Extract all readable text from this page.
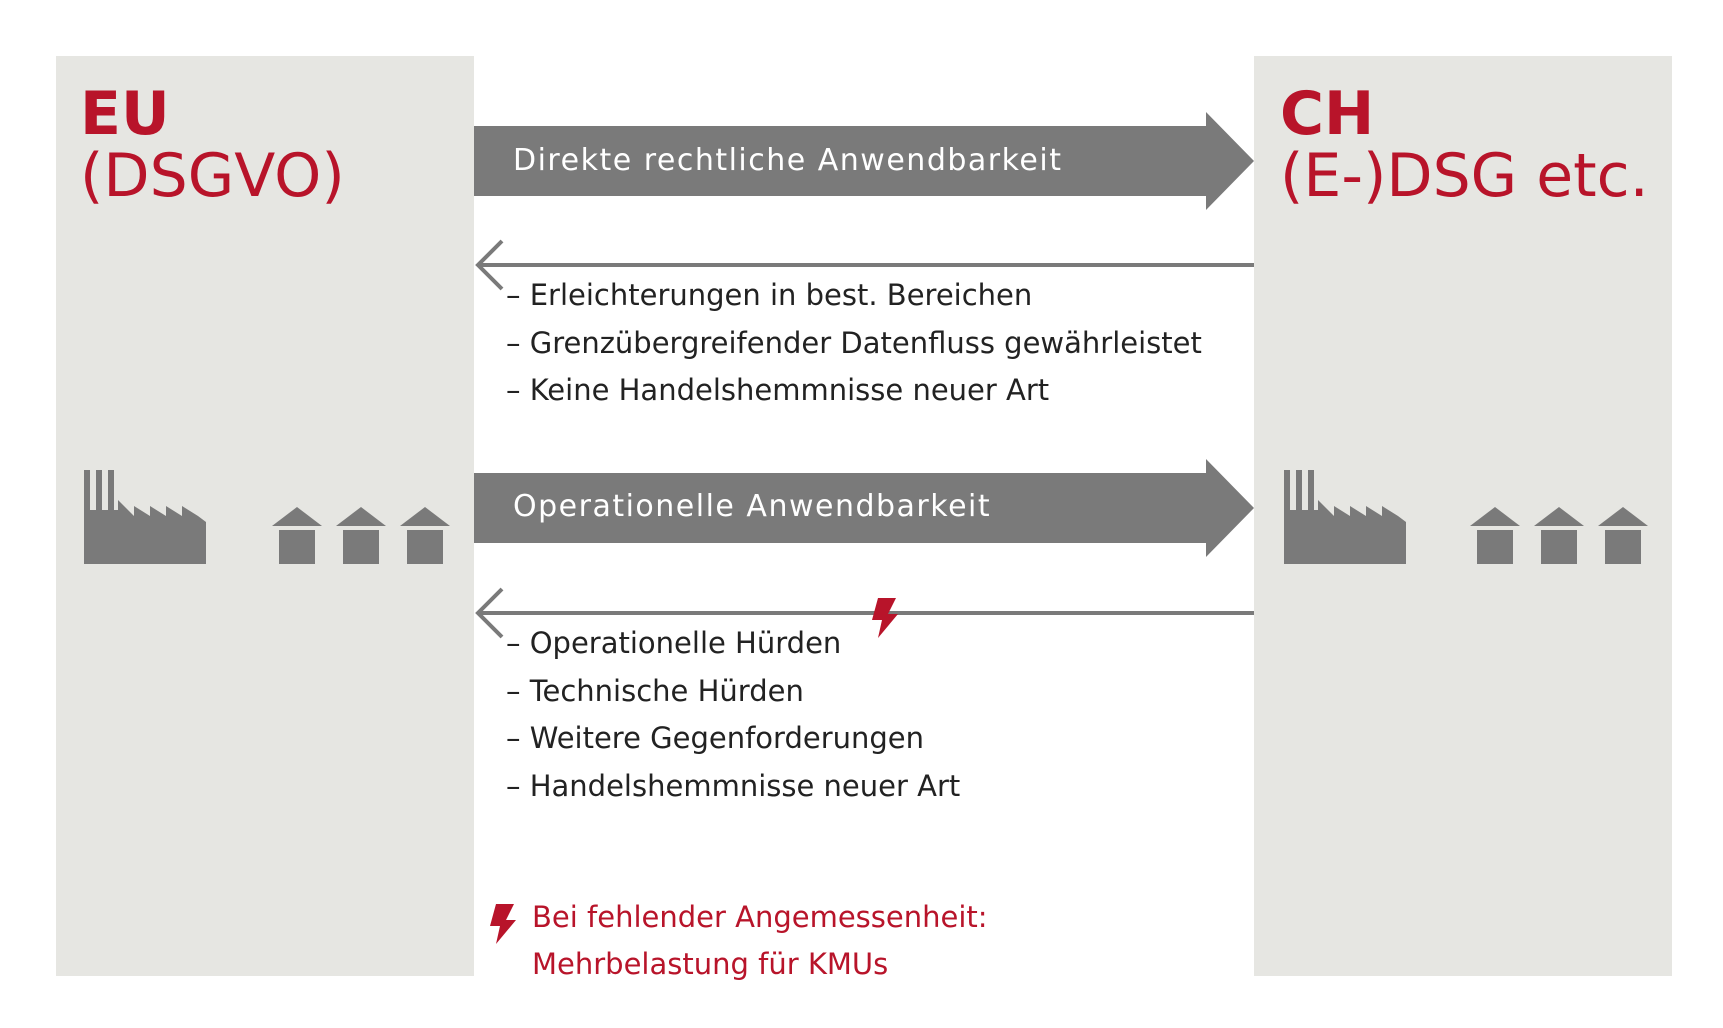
EU
(DSGVO)
CH
(E-)DSG etc.
Direkte rechtliche Anwendbarkeit
Operationelle Anwendbarkeit
– Erleichterungen in best. Bereichen
– Grenzübergreifender Datenfluss gewährleistet
– Keine Handelshemmnisse neuer Art
– Operationelle Hürden
– Technische Hürden
– Weitere Gegenforderungen
– Handelshemmnisse neuer Art
Bei fehlender Angemessenheit:
Mehrbelastung für KMUs
